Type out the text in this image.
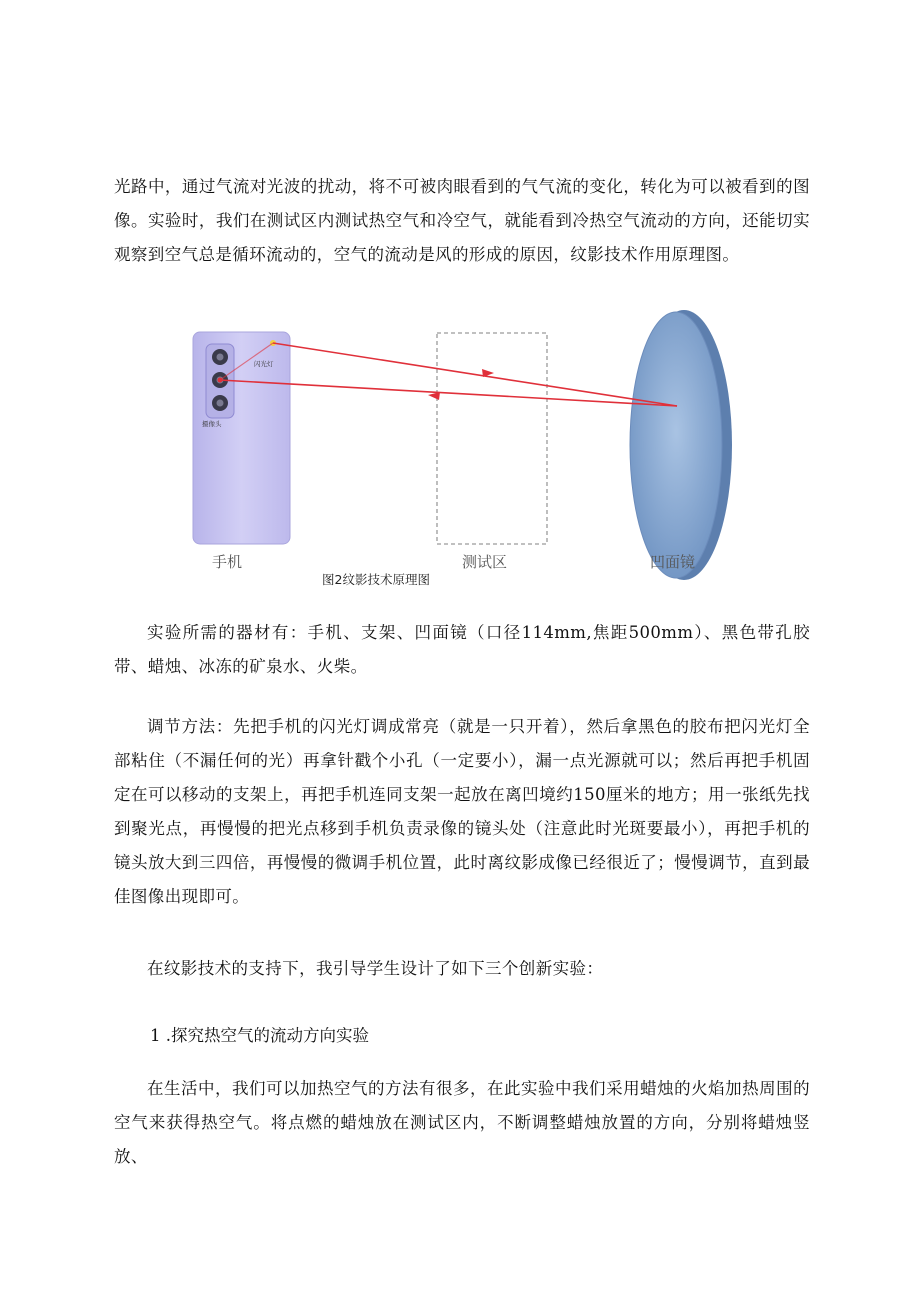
光路中，通过气流对光波的扰动，将不可被肉眼看到的气气流的变化，转化为可以被看到的图像。实验时，我们在测试区内测试热空气和冷空气，就能看到冷热空气流动的方向，还能切实观察到空气总是循环流动的，空气的流动是风的形成的原因，纹影技术作用原理图。

闪光灯
摄像头
手机	测试区	凹面镜
图2纹影技术原理图

实验所需的器材有：手机、支架、凹面镜（口径114mm,焦距500mm）、黑色带孔胶带、蜡烛、冰冻的矿泉水、火柴。

调节方法：先把手机的闪光灯调成常亮（就是一只开着），然后拿黑色的胶布把闪光灯全部粘住（不漏任何的光）再拿针戳个小孔（一定要小），漏一点光源就可以；然后再把手机固定在可以移动的支架上，再把手机连同支架一起放在离凹境约150厘米的地方；用一张纸先找到聚光点，再慢慢的把光点移到手机负责录像的镜头处（注意此时光斑要最小），再把手机的镜头放大到三四倍，再慢慢的微调手机位置，此时离纹影成像已经很近了；慢慢调节，直到最佳图像出现即可。

在纹影技术的支持下，我引导学生设计了如下三个创新实验：

1 .探究热空气的流动方向实验

在生活中，我们可以加热空气的方法有很多，在此实验中我们采用蜡烛的火焰加热周围的空气来获得热空气。将点燃的蜡烛放在测试区内，不断调整蜡烛放置的方向，分别将蜡烛竖放、
